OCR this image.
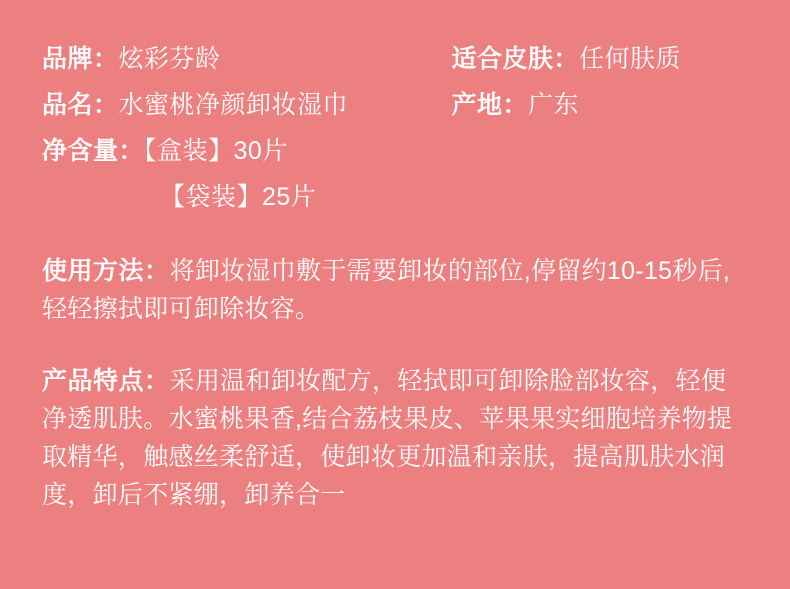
品牌：炫彩芬龄	适合皮肤：任何肤质
品名：水蜜桃净颜卸妆湿巾	产地：广东
净含量：【盒装】30片	
【袋装】25片	
使用方法：将卸妆湿巾敷于需要卸妆的部位,停留约10-15秒后,轻轻擦拭即可卸除妆容。
产品特点：采用温和卸妆配方，轻拭即可卸除脸部妆容，轻便净透肌肤。水蜜桃果香,结合荔枝果皮、苹果果实细胞培养物提取精华，触感丝柔舒适，使卸妆更加温和亲肤，提高肌肤水润度，卸后不紧绷，卸养合一
